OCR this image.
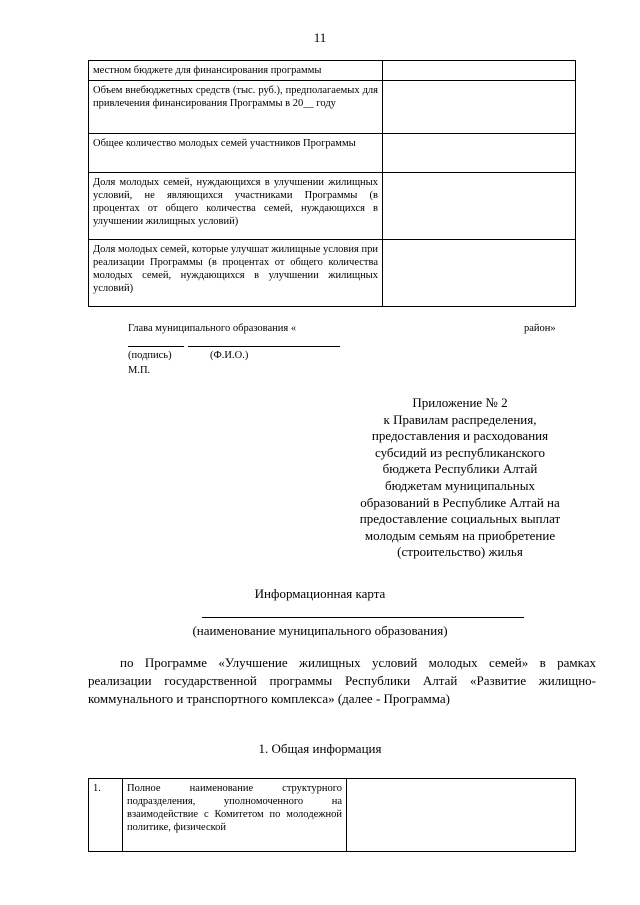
11
местном бюджете для финансирования программы	
Объем внебюджетных средств (тыс. руб.), предполагаемых для привлечения финансирования Программы в 20__ году	
Общее количество молодых семей участников Программы	
Доля молодых семей, нуждающихся в улучшении жилищных условий, не являющихся участниками Программы (в процентах от общего количества семей, нуждающихся в улучшении жилищных условий)	
Доля молодых семей, которые улучшат жилищные условия при реализации Программы (в процентах от общего количества молодых семей, нуждающихся в улучшении жилищных условий)	
Глава муниципального образования «	район»
(подпись)	(Ф.И.О.)
М.П.
Приложение № 2
к Правилам распределения,
предоставления и расходования
субсидий из республиканского
бюджета Республики Алтай
бюджетам муниципальных
образований в Республике Алтай на
предоставление социальных выплат
молодым семьям на приобретение
(строительство) жилья
Информационная карта
(наименование муниципального образования)
по Программе «Улучшение жилищных условий молодых семей» в рамках реализации государственной программы Республики Алтай «Развитие жилищно-коммунального и транспортного комплекса» (далее - Программа)
1. Общая информация
1.	Полное наименование структурного подразделения, уполномоченного на взаимодействие с Комитетом по молодежной политике, физической	
